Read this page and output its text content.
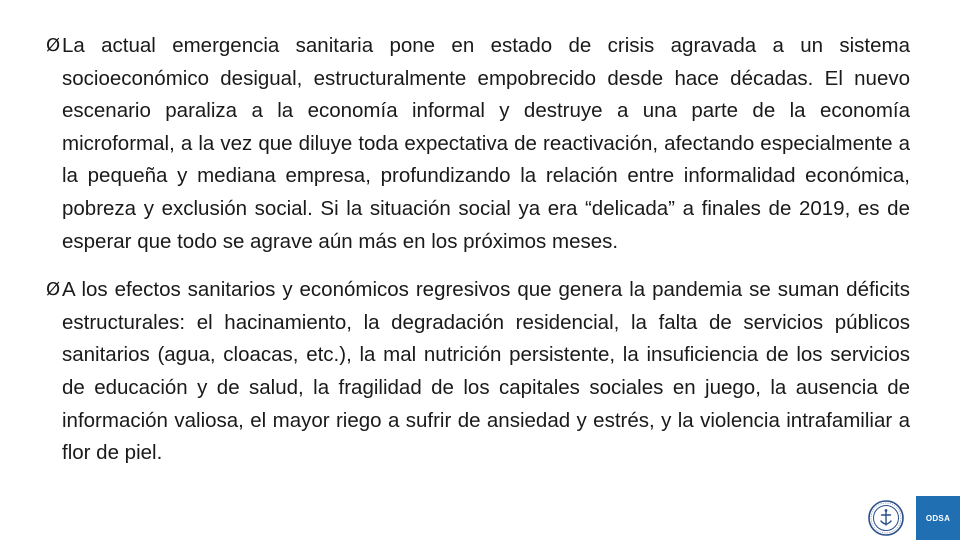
Ø La actual emergencia sanitaria pone en estado de crisis agravada a un sistema socioeconómico desigual, estructuralmente empobrecido desde hace décadas. El nuevo escenario paraliza a la economía informal y destruye a una parte de la economía microformal, a la vez que diluye toda expectativa de reactivación, afectando especialmente a la pequeña y mediana empresa, profundizando la relación entre informalidad económica, pobreza y exclusión social. Si la situación social ya era “delicada” a finales de 2019, es de esperar que todo se agrave aún más en los próximos meses.

Ø A los efectos sanitarios y económicos regresivos que genera la pandemia se suman déficits estructurales: el hacinamiento, la degradación residencial, la falta de servicios públicos sanitarios (agua, cloacas, etc.), la mal nutrición persistente, la insuficiencia de los servicios de educación y de salud, la fragilidad de los capitales sociales en juego, la ausencia de información valiosa, el mayor riego a sufrir de ansiedad y estrés, y la violencia intrafamiliar a flor de piel.

ODSA
